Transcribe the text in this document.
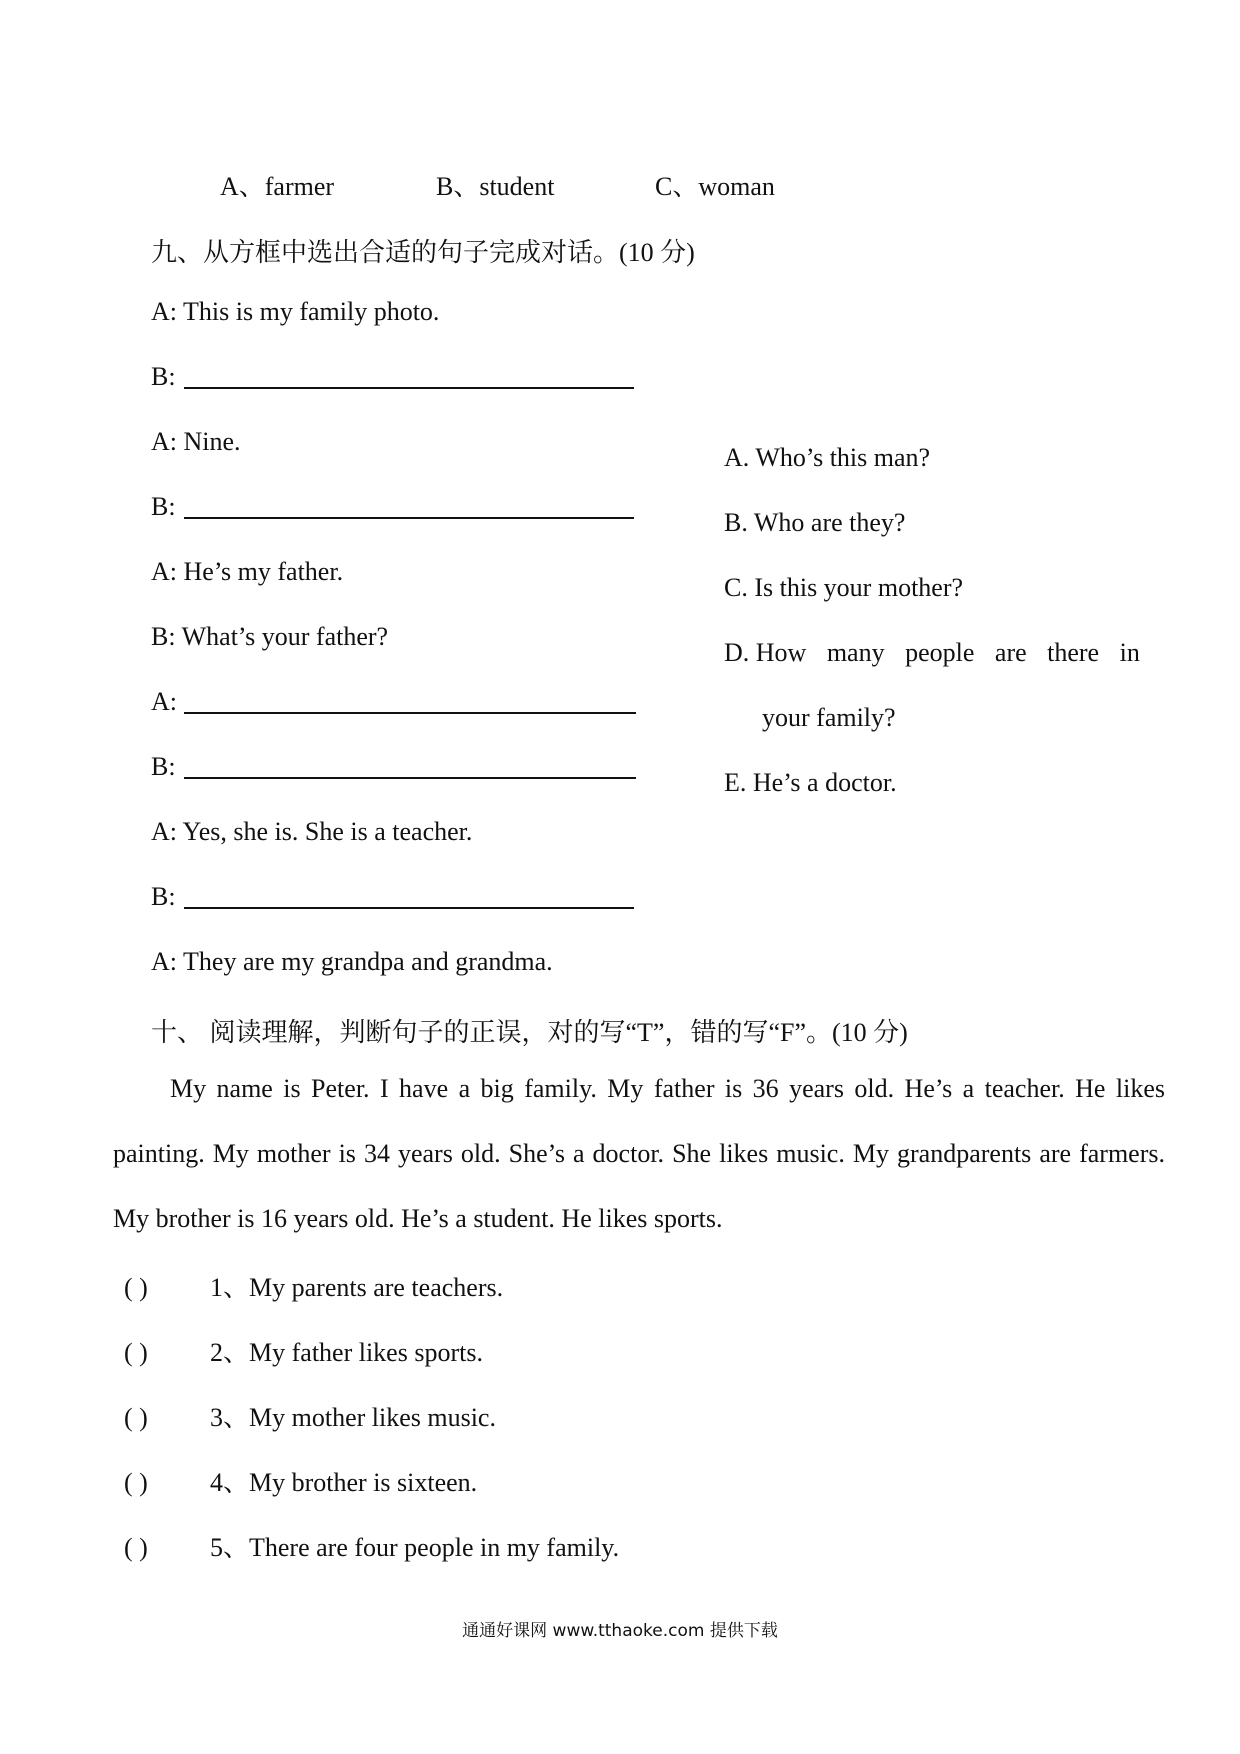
A、farmer	B、student	C、woman
九、从方框中选出合适的句子完成对话。(10 分)
A: This is my family photo.
B:
A: Nine.
B:
A: He’s my father.
B: What’s your father?
A:
B:
A: Yes, she is. She is a teacher.
B:
A: They are my grandpa and grandma.
A. Who’s this man?
B. Who are they?
C. Is this your mother?
D. How many people are there in
your family?
E. He’s a doctor.
十、 阅读理解，判断句子的正误，对的写“T”，错的写“F”。(10 分)
My name is Peter. I have a big family. My father is 36 years old. He’s a teacher. He likes painting. My mother is 34 years old. She’s a doctor. She likes music. My grandparents are farmers. My brother is 16 years old. He’s a student. He likes sports.
( ) 1、My parents are teachers.
( ) 2、My father likes sports.
( ) 3、My mother likes music.
( ) 4、My brother is sixteen.
( ) 5、There are four people in my family.
通通好课网 www.tthaoke.com 提供下载
